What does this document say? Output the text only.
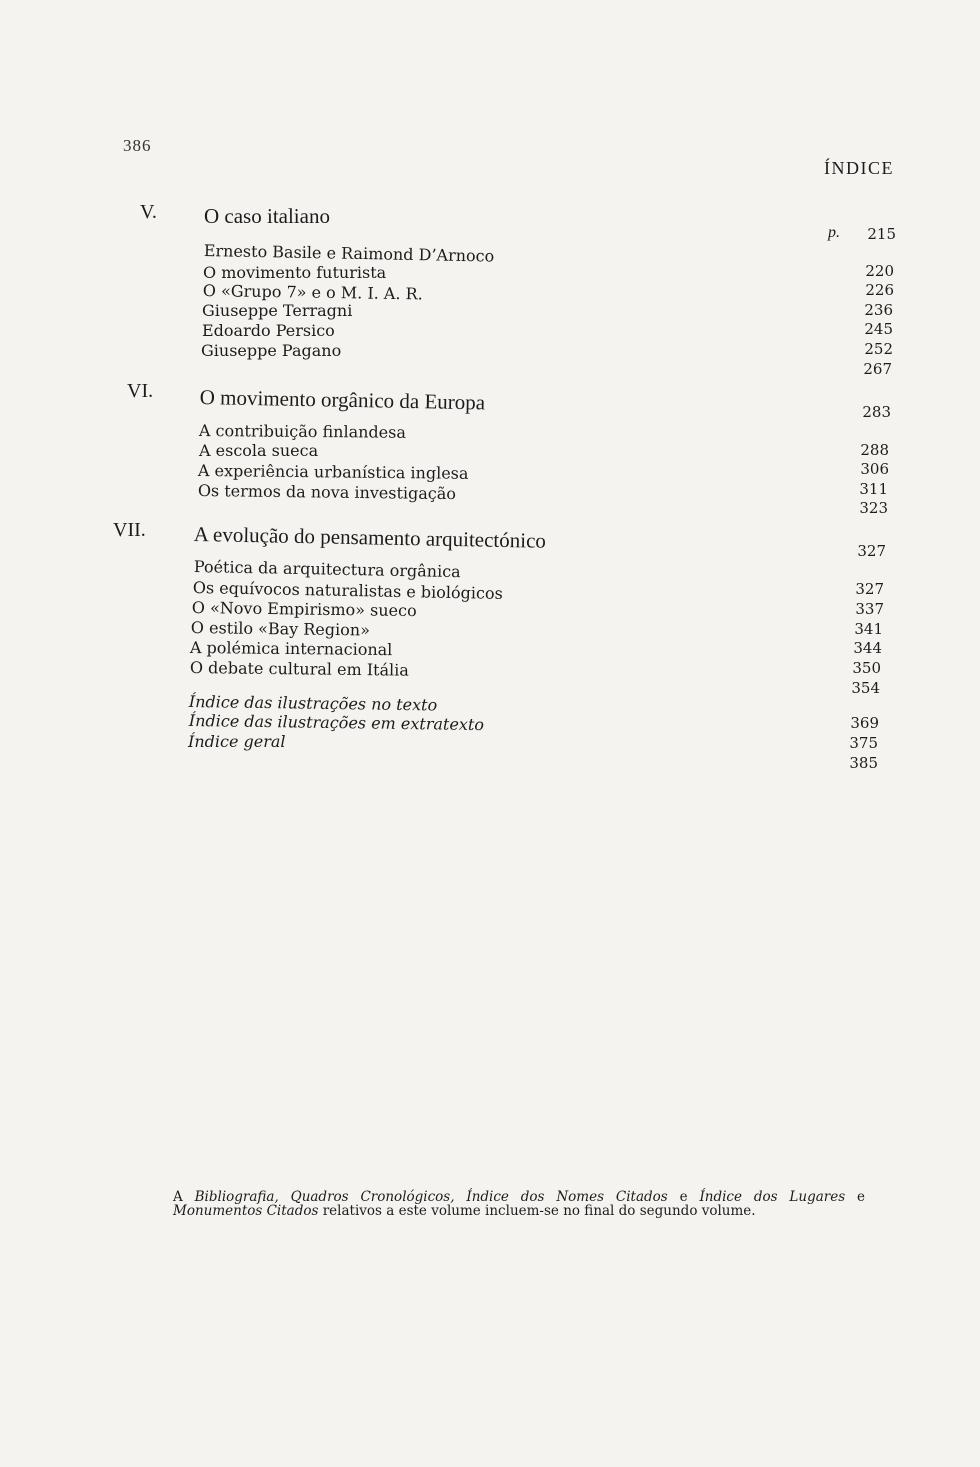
386
ÍNDICE
p.
V. O caso italiano
215
Ernesto Basile e Raimond D’Arnoco
O movimento futurista
O «Grupo 7» e o M. I. A. R.
Giuseppe Terragni
Edoardo Persico
Giuseppe Pagano
220
226
236
245
252
267
VI. O movimento orgânico da Europa	283
A contribuição finlandesa
A escola sueca
A experiência urbanística inglesa
Os termos da nova investigação
288
306
311
323
VII. A evolução do pensamento arquitectónico	327
Poética da arquitectura orgânica
Os equívocos naturalistas e biológicos
O «Novo Empirismo» sueco
O estilo «Bay Region»
A polémica internacional
O debate cultural em Itália
327
337
341
344
350
354
Índice das ilustrações no texto
Índice das ilustrações em extratexto
Índice geral
369
375
385

A Bibliografia, Quadros Cronológicos, Índice dos Nomes Citados e Índice dos Lugares e Monumentos Citados relativos a este volume incluem-se no final do segundo volume.
